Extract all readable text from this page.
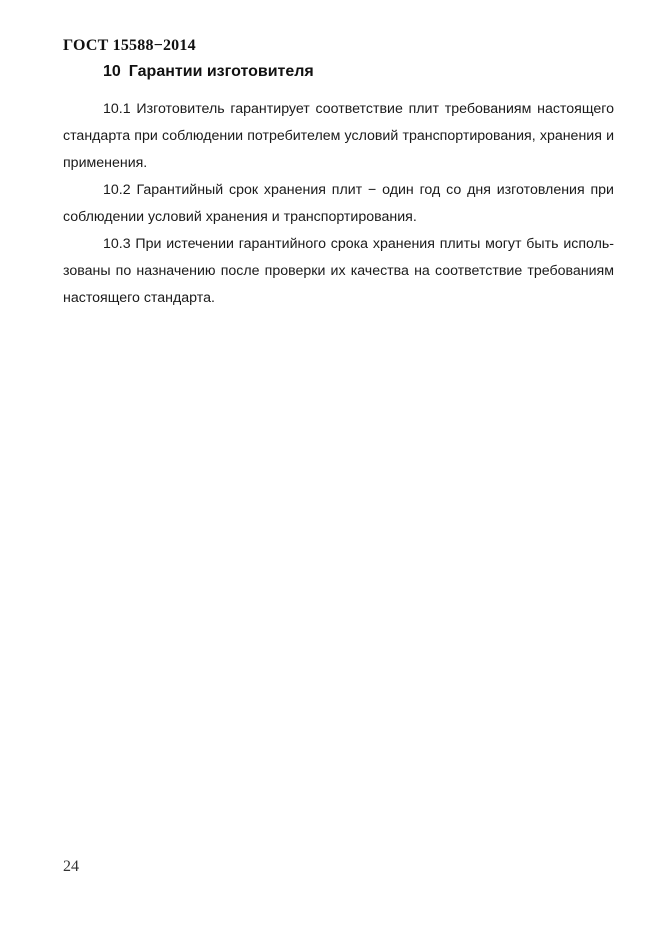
ГОСТ 15588−2014
10 Гарантии изготовителя

10.1 Изготовитель гарантирует соответствие плит требованиям настоящего стандарта при соблюдении потребителем условий транспортирования, хранения и применения.

10.2 Гарантийный срок хранения плит − один год со дня изготовления при соблюдении условий хранения и транспортирования.

10.3 При истечении гарантийного срока хранения плиты могут быть исполь-зованы по назначению после проверки их качества на соответствие требованиям настоящего стандарта.

24
